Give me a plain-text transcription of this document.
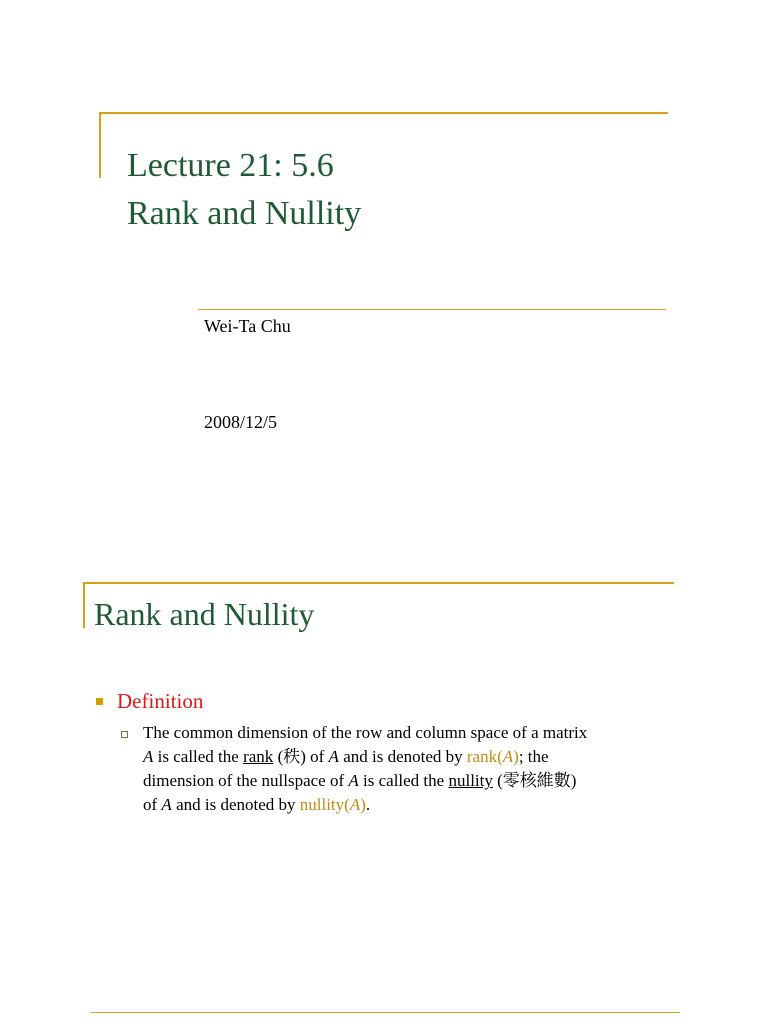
Lecture 21: 5.6
Rank and Nullity
Wei-Ta Chu
2008/12/5
Rank and Nullity
Definition
The common dimension of the row and column space of a matrix
A is called the rank (秩) of A and is denoted by rank(A); the
dimension of the nullspace of A is called the nullity (零核維數)
of A and is denoted by nullity(A).
